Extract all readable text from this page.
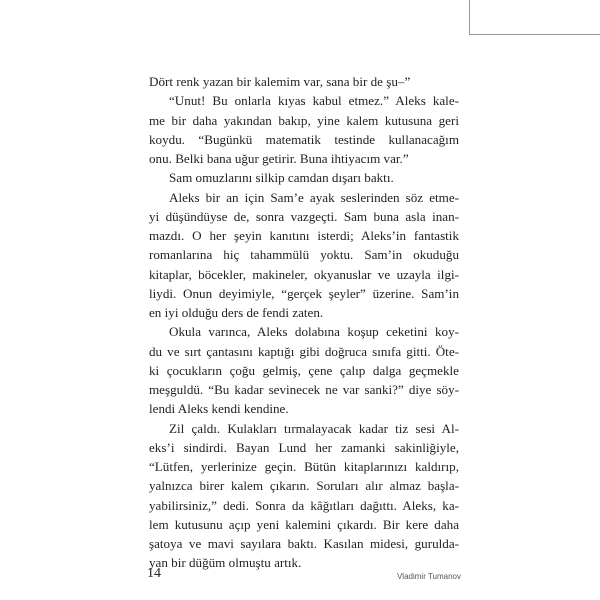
Dört renk yazan bir kalemim var, sana bir de şu–”

“Unut! Bu onlarla kıyas kabul etmez.” Aleks kale-

me bir daha yakından bakıp, yine kalem kutusuna geri

koydu. “Bugünkü matematik testinde kullanacağım

onu. Belki bana uğur getirir. Buna ihtiyacım var.”

Sam omuzlarını silkip camdan dışarı baktı.

Aleks bir an için Sam’e ayak seslerinden söz etme-

yi düşündüyse de, sonra vazgeçti. Sam buna asla inan-

mazdı. O her şeyin kanıtını isterdi; Aleks’in fantastik

romanlarına hiç tahammülü yoktu. Sam’in okuduğu

kitaplar, böcekler, makineler, okyanuslar ve uzayla ilgi-

liydi. Onun deyimiyle, “gerçek şeyler” üzerine. Sam’in

en iyi olduğu ders de fendi zaten.

Okula varınca, Aleks dolabına koşup ceketini koy-

du ve sırt çantasını kaptığı gibi doğruca sınıfa gitti. Öte-

ki çocukların çoğu gelmiş, çene çalıp dalga geçmekle

meşguldü. “Bu kadar sevinecek ne var sanki?” diye söy-

lendi Aleks kendi kendine.

Zil çaldı. Kulakları tırmalayacak kadar tiz sesi Al-

eks’i sindirdi. Bayan Lund her zamanki sakinliğiyle,

“Lütfen, yerlerinize geçin. Bütün kitaplarınızı kaldırıp,

yalnızca birer kalem çıkarın. Soruları alır almaz başla-

yabilirsiniz,” dedi. Sonra da kâğıtları dağıttı. Aleks, ka-

lem kutusunu açıp yeni kalemini çıkardı. Bir kere daha

şatoya ve mavi sayılara baktı. Kasılan midesi, gurulda-

yan bir düğüm olmuştu artık.

14	Vladimir Tumanov
